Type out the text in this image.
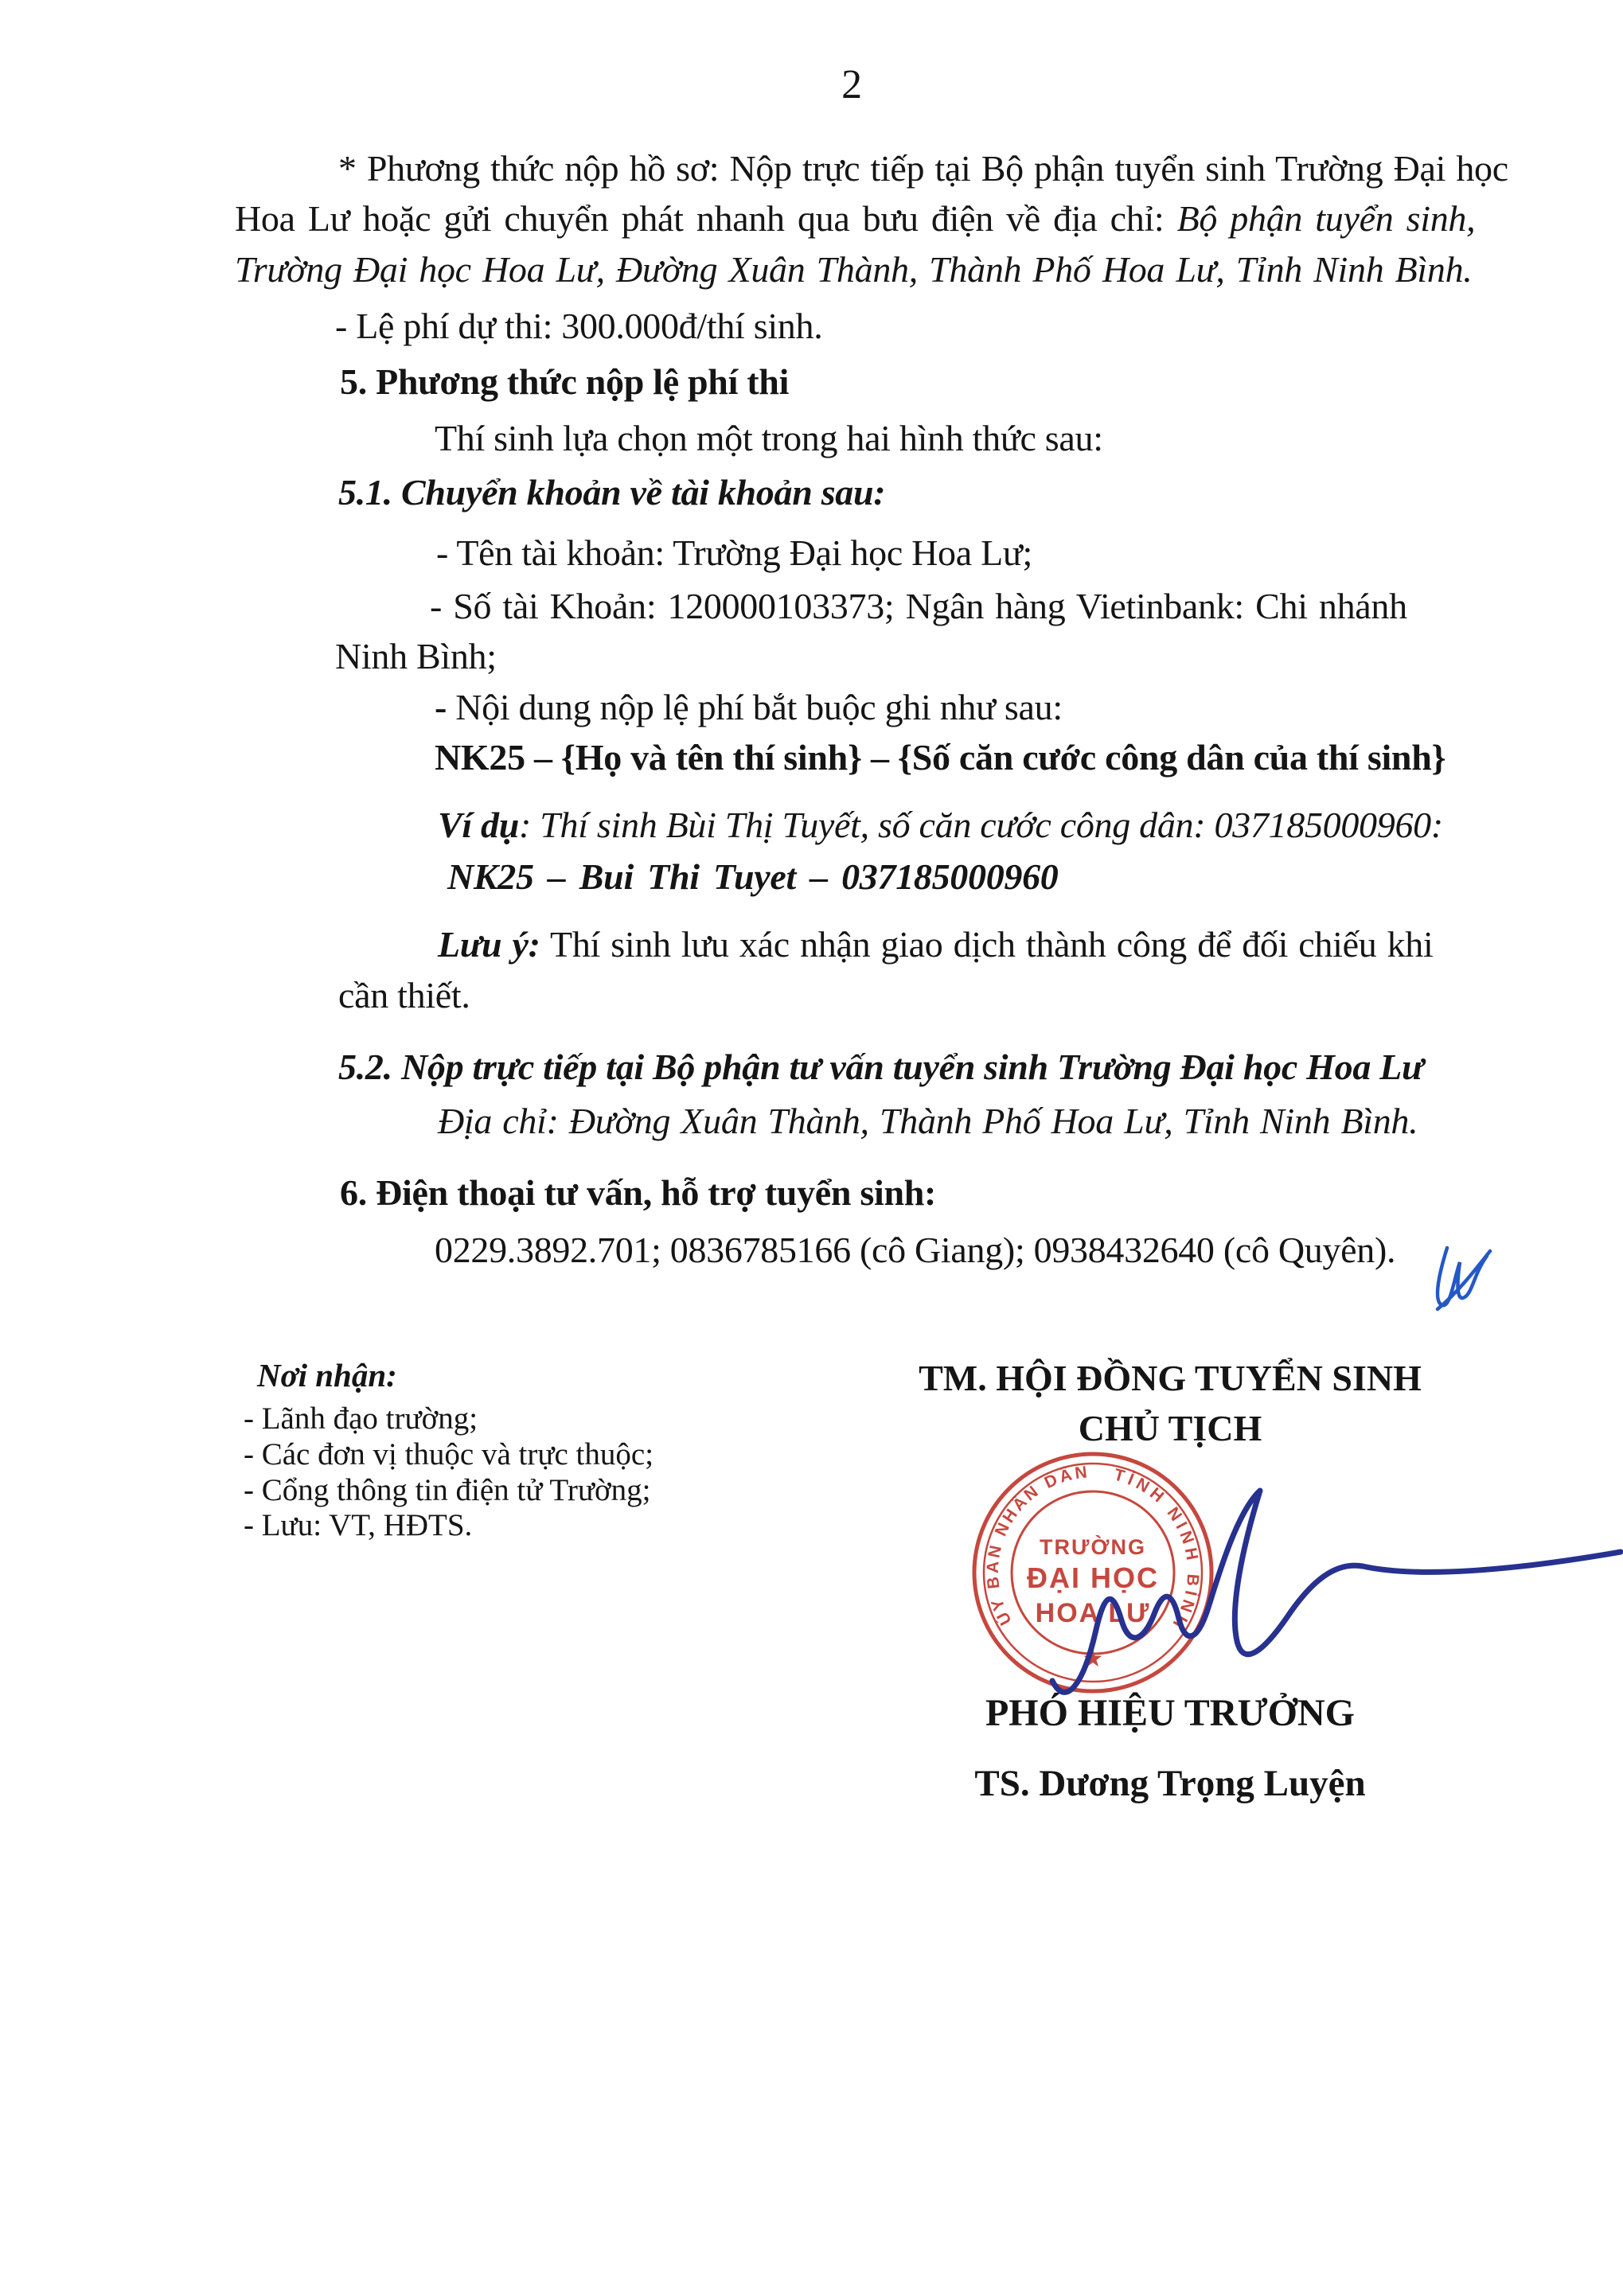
2
* Phương thức nộp hồ sơ: Nộp trực tiếp tại Bộ phận tuyển sinh Trường Đại học
Hoa Lư hoặc gửi chuyển phát nhanh qua bưu điện về địa chỉ: Bộ phận tuyển sinh,
Trường Đại học Hoa Lư, Đường Xuân Thành, Thành Phố Hoa Lư, Tỉnh Ninh Bình.
- Lệ phí dự thi: 300.000đ/thí sinh.
5. Phương thức nộp lệ phí thi
Thí sinh lựa chọn một trong hai hình thức sau:
5.1. Chuyển khoản về tài khoản sau:
- Tên tài khoản: Trường Đại học Hoa Lư;
- Số tài Khoản: 120000103373; Ngân hàng Vietinbank: Chi nhánh
Ninh Bình;
- Nội dung nộp lệ phí bắt buộc ghi như sau:
NK25 – {Họ và tên thí sinh} – {Số căn cước công dân của thí sinh}
Ví dụ: Thí sinh Bùi Thị Tuyết, số căn cước công dân: 037185000960:
NK25 – Bui Thi Tuyet – 037185000960
Lưu ý: Thí sinh lưu xác nhận giao dịch thành công để đối chiếu khi
cần thiết.
5.2. Nộp trực tiếp tại Bộ phận tư vấn tuyển sinh Trường Đại học Hoa Lư
Địa chỉ: Đường Xuân Thành, Thành Phố Hoa Lư, Tỉnh Ninh Bình.
6. Điện thoại tư vấn, hỗ trợ tuyển sinh:
0229.3892.701; 0836785166 (cô Giang); 0938432640 (cô Quyên).
Nơi nhận:
- Lãnh đạo trường;
- Các đơn vị thuộc và trực thuộc;
- Cổng thông tin điện tử Trường;
- Lưu: VT, HĐTS.
TM. HỘI ĐỒNG TUYỂN SINH
CHỦ TỊCH
PHÓ HIỆU TRƯỞNG
TS. Dương Trọng Luyện
ỦY BAN NHÂN DÂN TỈNH NINH BÌNH
TRƯỜNG
ĐẠI HỌC
HOA LƯ
★
